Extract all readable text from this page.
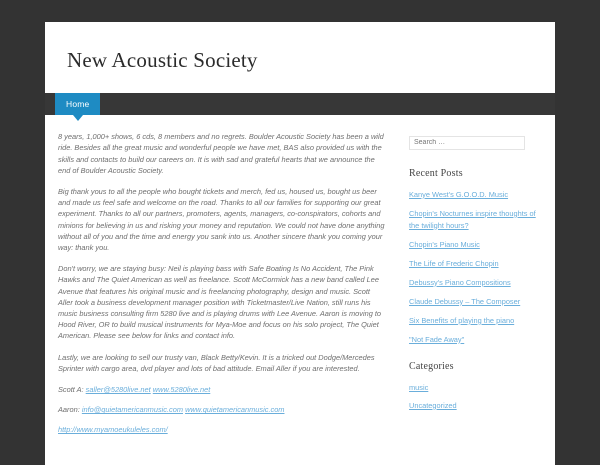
New Acoustic Society
Home

8 years, 1,000+ shows, 6 cds, 8 members and no regrets. Boulder Acoustic Society has been a wild ride. Besides all the great music and wonderful people we have met, BAS also provided us with the skills and contacts to build our careers on. It is with sad and grateful hearts that we announce the end of Boulder Acoustic Society.

Big thank yous to all the people who bought tickets and merch, fed us, housed us, bought us beer and made us feel safe and welcome on the road. Thanks to all our families for supporting our great experiment. Thanks to all our partners, promoters, agents, managers, co-conspirators, cohorts and minions for believing in us and risking your money and reputation. We could not have done anything without all of you and the time and energy you sank into us. Another sincere thank you coming your way: thank you.

Don't worry, we are staying busy: Neil is playing bass with Safe Boating Is No Accident, The Pink Hawks and The Quiet American as well as freelance. Scott McCormick has a new band called Lee Avenue that features his original music and is freelancing photography, design and music. Scott Aller took a business development manager position with Ticketmaster/Live Nation, still runs his music business consulting firm 5280 live and is playing drums with Lee Avenue. Aaron is moving to Hood River, OR to build musical instruments for Mya-Moe and focus on his solo project, The Quiet American. Please see below for links and contact info.

Lastly, we are looking to sell our trusty van, Black Betty/Kevin. It is a tricked out Dodge/Mercedes Sprinter with cargo area, dvd player and lots of bad attitude. Email Aller if you are interested.

Scott A: saller@5280live.net www.5280live.net

Aaron: info@quietamericanmusic.com www.quietamericanmusic.com

http://www.myamoeukuleles.com/

Search …
Recent Posts
Kanye West's G.O.O.D. Music
Chopin's Nocturnes inspire thoughts of the twilight hours?
Chopin's Piano Music
The Life of Frederic Chopin
Debussy's Piano Compositions
Claude Debussy – The Composer
Six Benefits of playing the piano
"Not Fade Away"
Categories
music
Uncategorized
